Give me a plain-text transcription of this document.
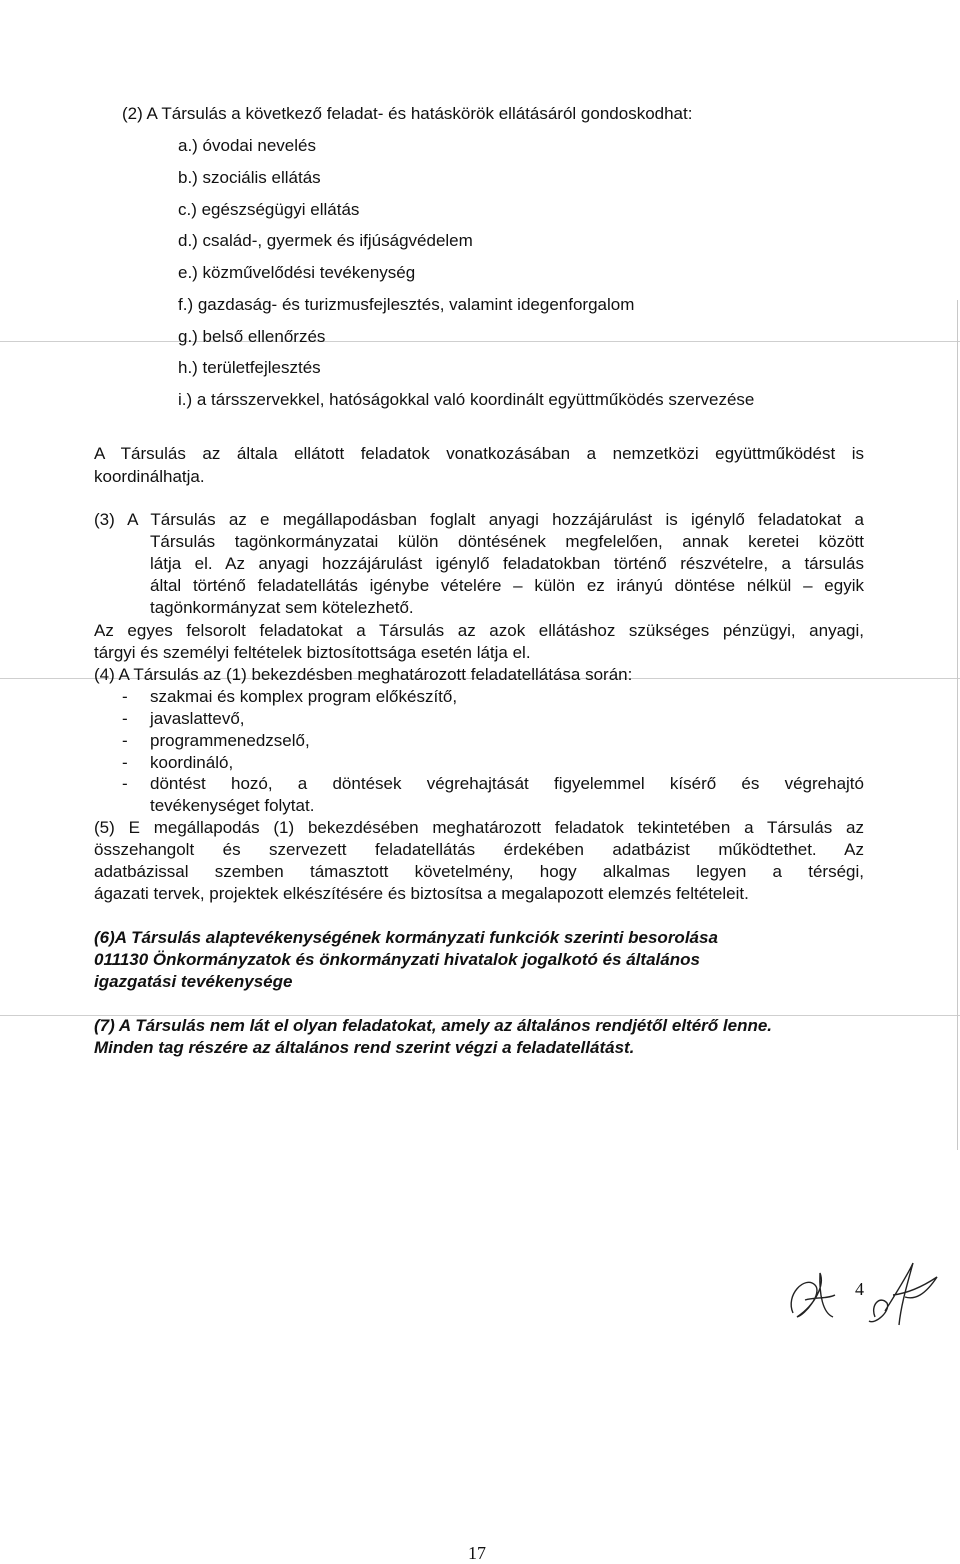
(2) A Társulás a következő feladat- és hatáskörök ellátásáról gondoskodhat:
a.) óvodai nevelés
b.) szociális ellátás
c.) egészségügyi ellátás
d.) család-, gyermek és ifjúságvédelem
e.) közművelődési tevékenység
f.) gazdaság- és turizmusfejlesztés, valamint idegenforgalom
g.) belső ellenőrzés
h.) területfejlesztés
i.) a társszervekkel, hatóságokkal való koordinált együttműködés szervezése
A Társulás az általa ellátott feladatok vonatkozásában a nemzetközi együttműködést is
koordinálhatja.
(3) A Társulás az e megállapodásban foglalt anyagi hozzájárulást is igénylő feladatokat a
Társulás tagönkormányzatai külön döntésének megfelelően, annak keretei között
látja el. Az anyagi hozzájárulást igénylő feladatokban történő részvételre, a társulás
által történő feladatellátás igénybe vételére – külön ez irányú döntése nélkül – egyik
tagönkormányzat sem kötelezhető.
Az egyes felsorolt feladatokat a Társulás az azok ellátáshoz szükséges pénzügyi, anyagi,
tárgyi és személyi feltételek biztosítottsága esetén látja el.
(4) A Társulás az (1) bekezdésben meghatározott feladatellátása során:
- szakmai és komplex program előkészítő,
- javaslattevő,
- programmenedzselő,
- koordináló,
- döntést hozó, a döntések végrehajtását figyelemmel kísérő és végrehajtó
tevékenységet folytat.
(5) E megállapodás (1) bekezdésében meghatározott feladatok tekintetében a Társulás az
összehangolt és szervezett feladatellátás érdekében adatbázist működtethet. Az
adatbázissal szemben támasztott követelmény, hogy alkalmas legyen a térségi,
ágazati tervek, projektek elkészítésére és biztosítsa a megalapozott elemzés feltételeit.
(6)A Társulás alaptevékenységének kormányzati funkciók szerinti besorolása
011130 Önkormányzatok és önkormányzati hivatalok jogalkotó és általános
igazgatási tevékenysége
(7) A Társulás nem lát el olyan feladatokat, amely az általános rendjétől eltérő lenne.
Minden tag részére az általános rend szerint végzi a feladatellátást.
4
17
